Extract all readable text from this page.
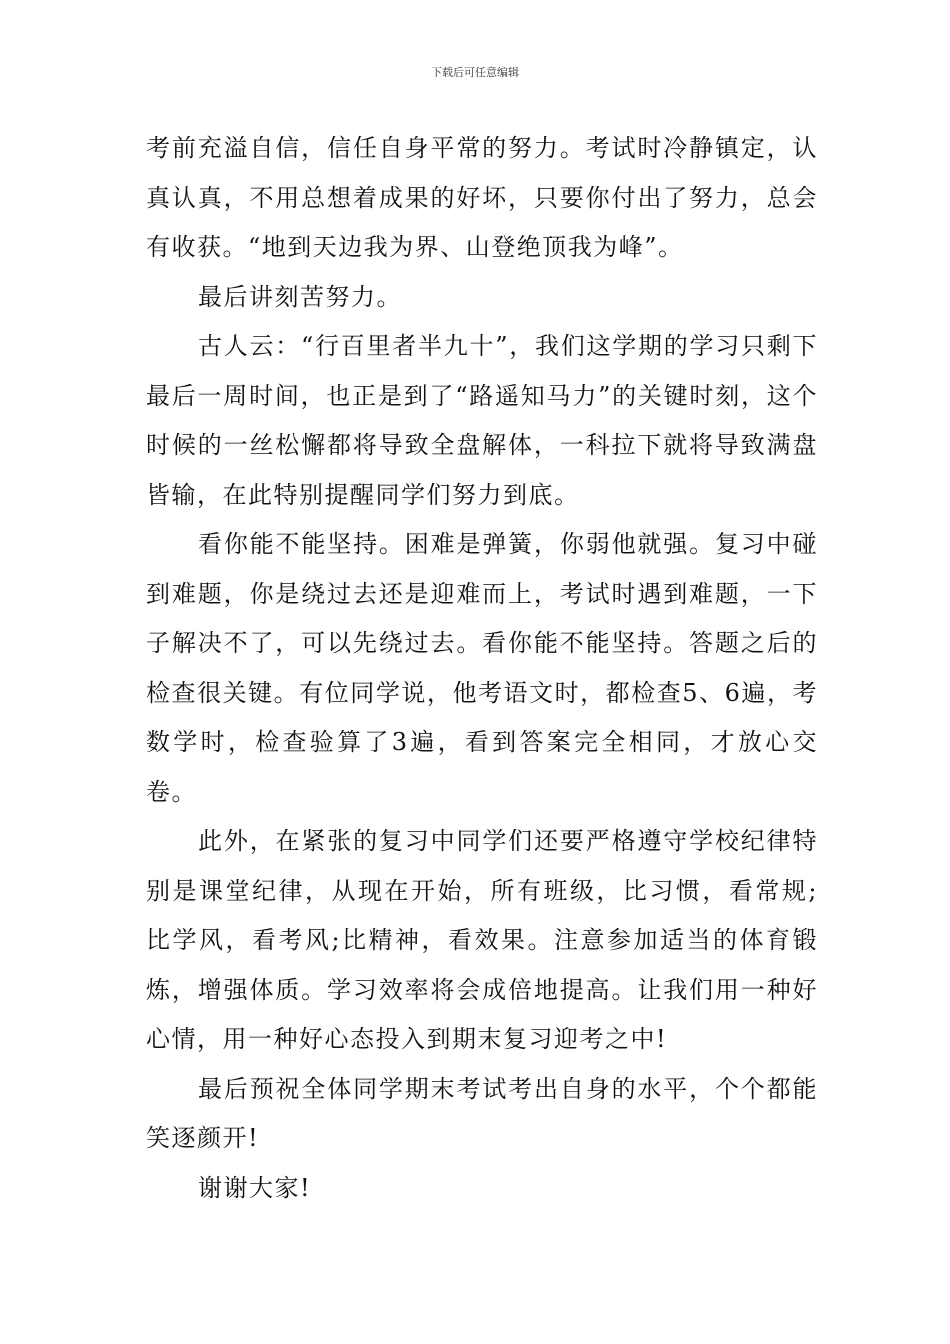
下载后可任意编辑

考前充溢自信，信任自身平常的努力。考试时冷静镇定，认真认真，不用总想着成果的好坏，只要你付出了努力，总会有收获。“地到天边我为界、山登绝顶我为峰”。

最后讲刻苦努力。

古人云：“行百里者半九十”，我们这学期的学习只剩下最后一周时间，也正是到了“路遥知马力”的关键时刻，这个时候的一丝松懈都将导致全盘解体，一科拉下就将导致满盘皆输，在此特别提醒同学们努力到底。

看你能不能坚持。困难是弹簧，你弱他就强。复习中碰到难题，你是绕过去还是迎难而上，考试时遇到难题，一下子解决不了，可以先绕过去。看你能不能坚持。答题之后的检查很关键。有位同学说，他考语文时，都检查5、6遍，考数学时，检查验算了3遍，看到答案完全相同，才放心交卷。

此外，在紧张的复习中同学们还要严格遵守学校纪律特别是课堂纪律，从现在开始，所有班级，比习惯，看常规;比学风，看考风;比精神，看效果。注意参加适当的体育锻炼，增强体质。学习效率将会成倍地提高。让我们用一种好心情，用一种好心态投入到期末复习迎考之中!

最后预祝全体同学期末考试考出自身的水平，个个都能笑逐颜开!

谢谢大家!
